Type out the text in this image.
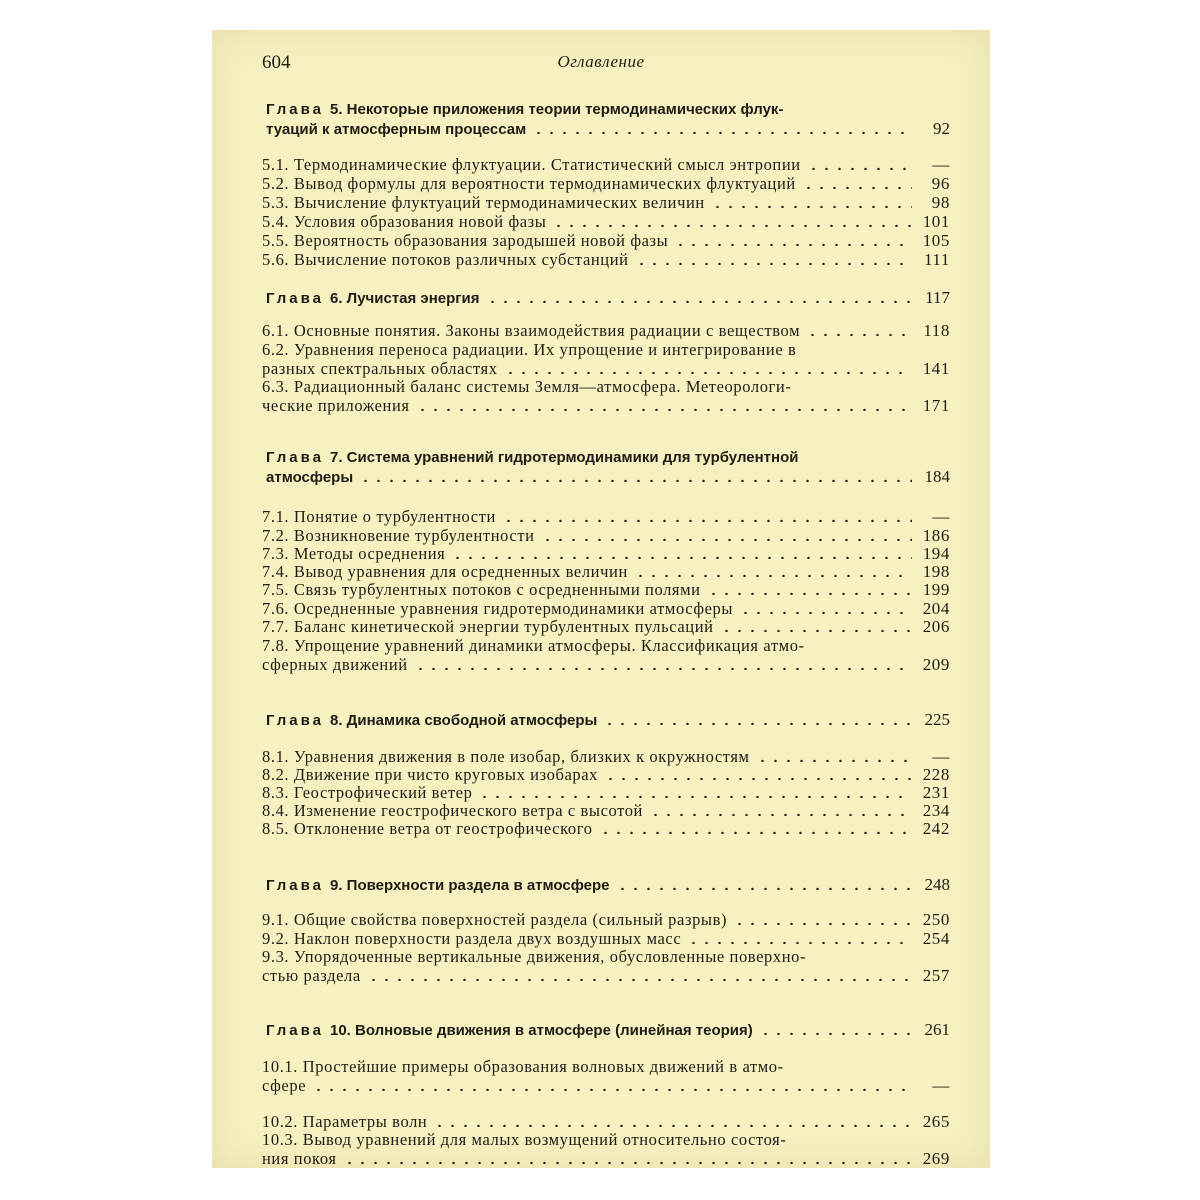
604	Оглавление
Глава 5. Некоторые приложения теории термодинамических флук-
туаций к атмосферным процессам	92
5.1. Термодинамические флуктуации. Статистический смысл энтропии	—
5.2. Вывод формулы для вероятности термодинамических флуктуаций	96
5.3. Вычисление флуктуаций термодинамических величин	98
5.4. Условия образования новой фазы	101
5.5. Вероятность образования зародышей новой фазы	105
5.6. Вычисление потоков различных субстанций	111
Глава 6. Лучистая энергия	117
6.1. Основные понятия. Законы взаимодействия радиации с веществом	118
6.2. Уравнения переноса радиации. Их упрощение и интегрирование в
разных спектральных областях	141
6.3. Радиационный баланс системы Земля—атмосфера. Метеорологи-
ческие приложения	171
Глава 7. Система уравнений гидротермодинамики для турбулентной
атмосферы	184
7.1. Понятие о турбулентности	—
7.2. Возникновение турбулентности	186
7.3. Методы осреднения	194
7.4. Вывод уравнения для осредненных величин	198
7.5. Связь турбулентных потоков с осредненными полями	199
7.6. Осредненные уравнения гидротермодинамики атмосферы	204
7.7. Баланс кинетической энергии турбулентных пульсаций	206
7.8. Упрощение уравнений динамики атмосферы. Классификация атмо-
сферных движений	209
Глава 8. Динамика свободной атмосферы	225
8.1. Уравнения движения в поле изобар, близких к окружностям	—
8.2. Движение при чисто круговых изобарах	228
8.3. Геострофический ветер	231
8.4. Изменение геострофического ветра с высотой	234
8.5. Отклонение ветра от геострофического	242
Глава 9. Поверхности раздела в атмосфере	248
9.1. Общие свойства поверхностей раздела (сильный разрыв)	250
9.2. Наклон поверхности раздела двух воздушных масс	254
9.3. Упорядоченные вертикальные движения, обусловленные поверхно-
стью раздела	257
Глава 10. Волновые движения в атмосфере (линейная теория)	261
10.1. Простейшие примеры образования волновых движений в атмо-
сфере	—
10.2. Параметры волн	265
10.3. Вывод уравнений для малых возмущений относительно состоя-
ния покоя	269
